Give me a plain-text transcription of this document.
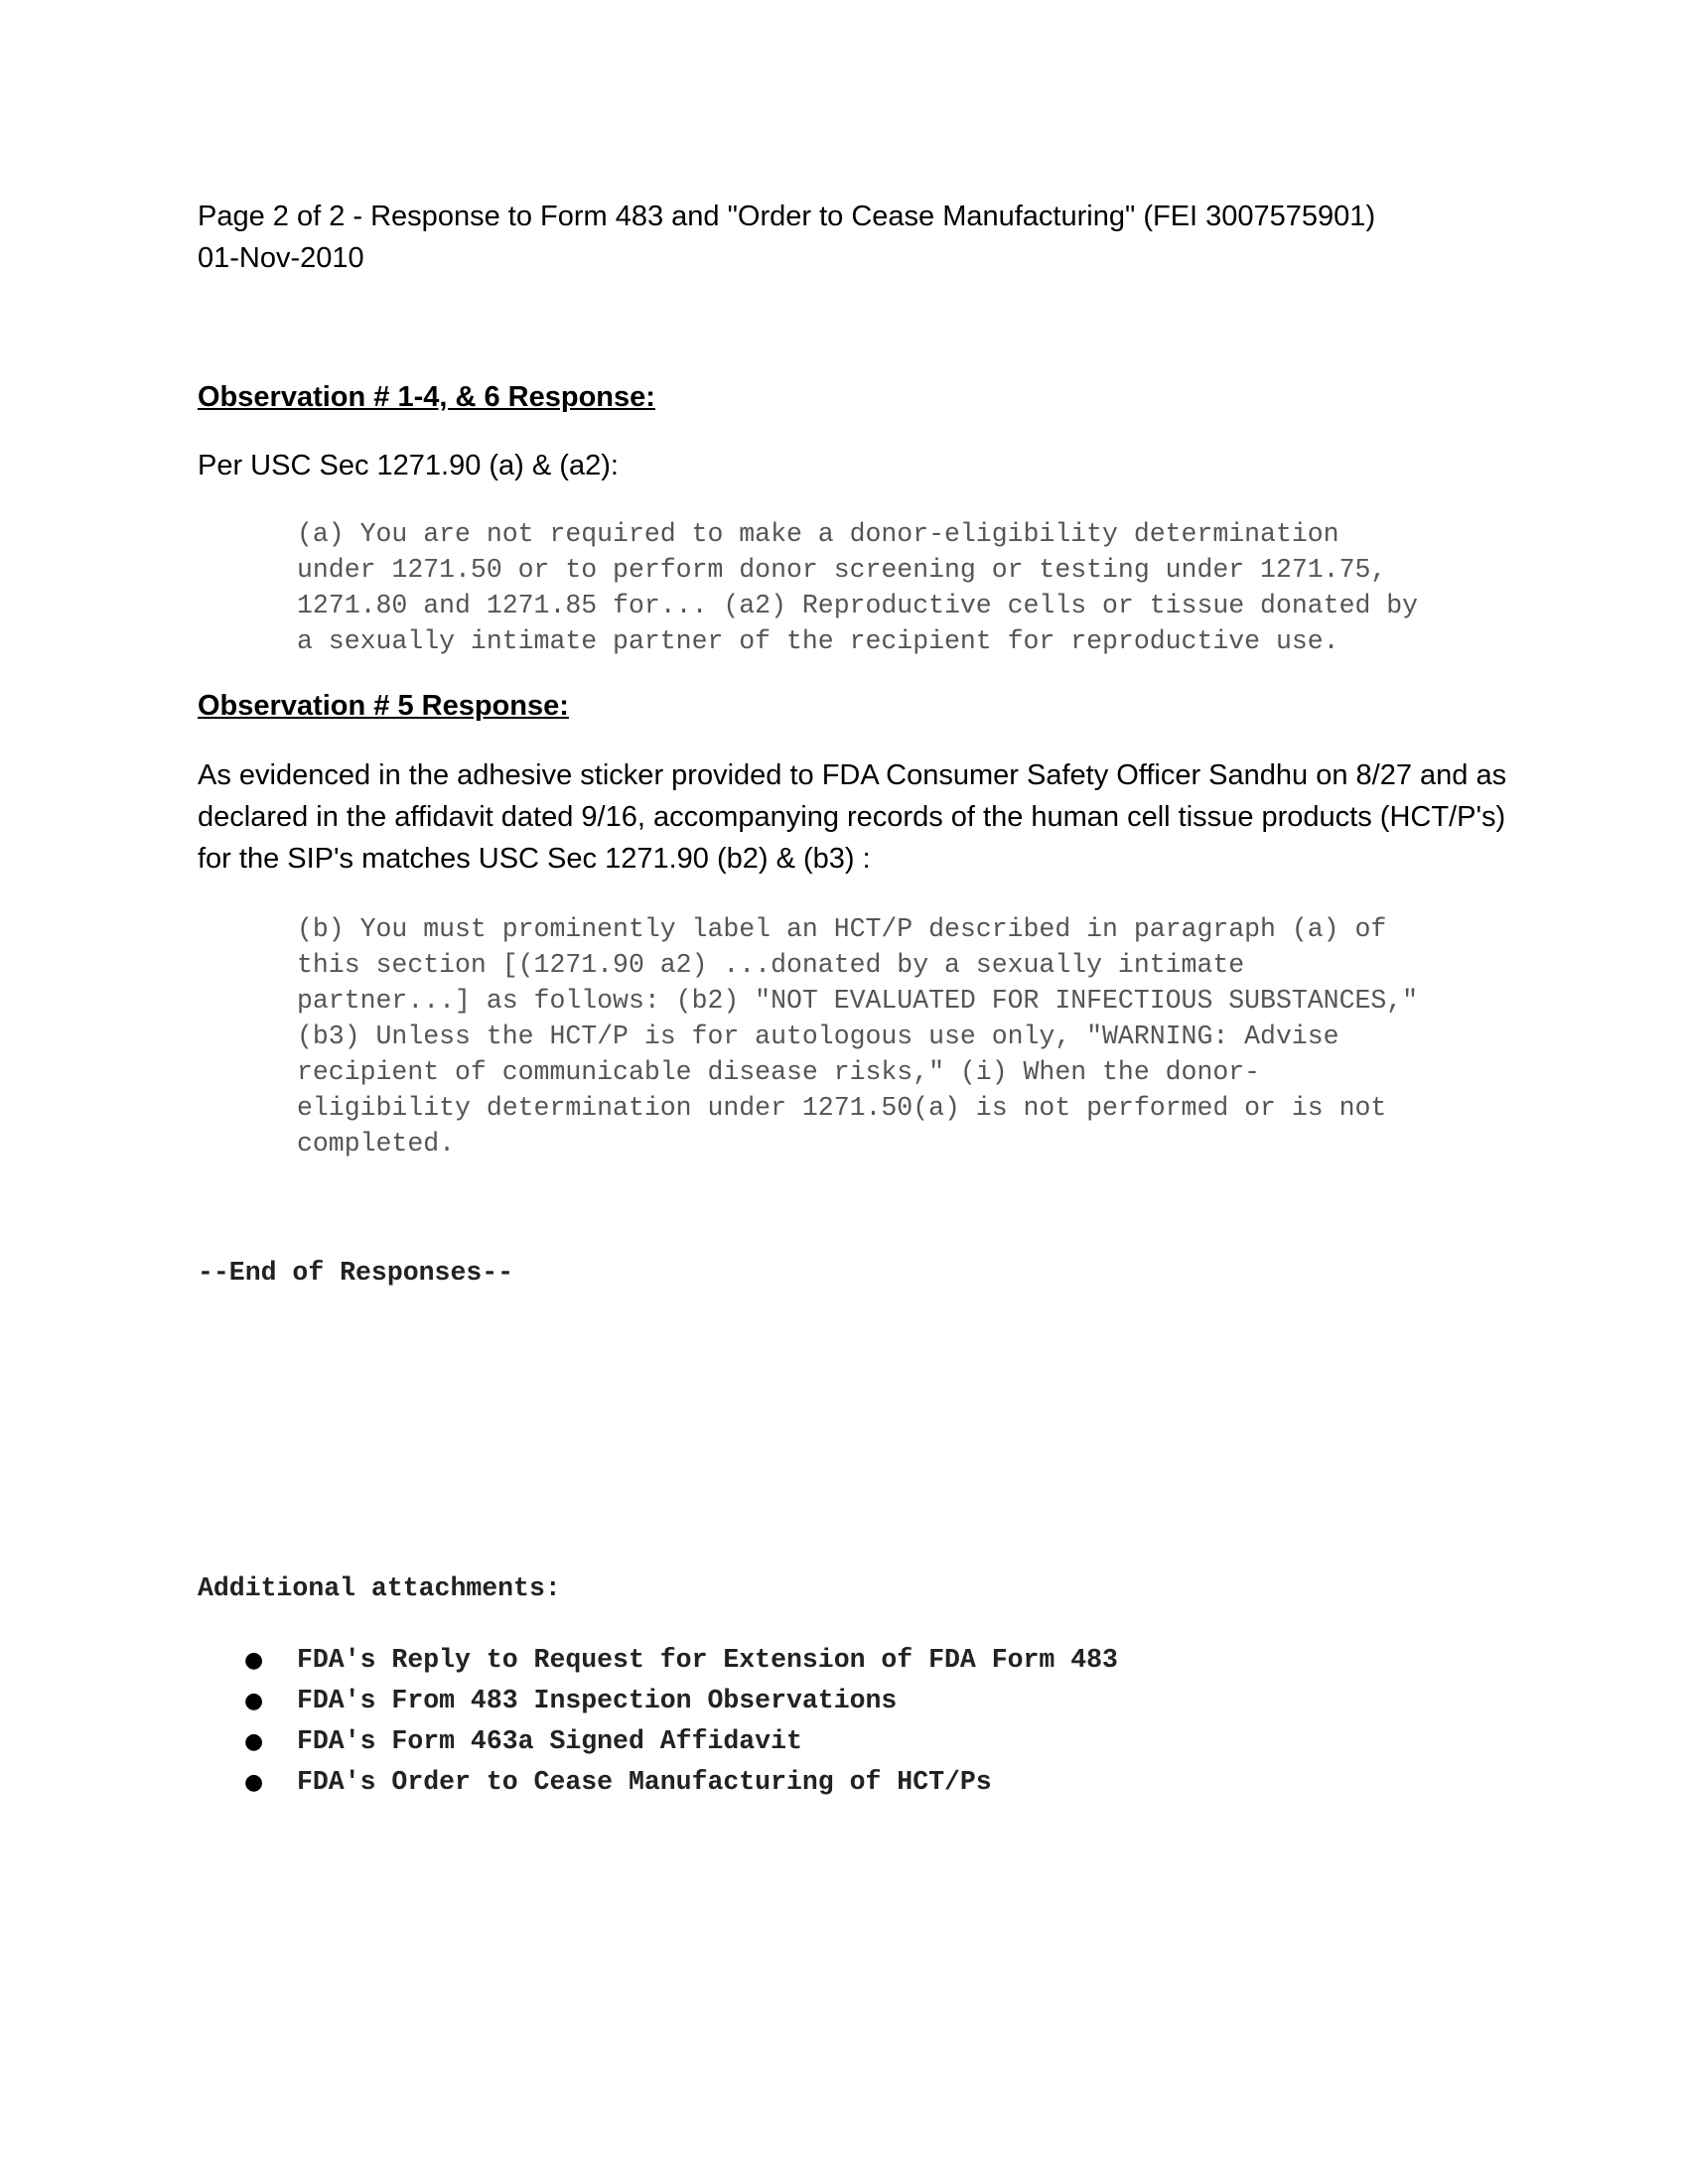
Page 2 of 2 - Response to Form 483 and "Order to Cease Manufacturing" (FEI 3007575901)
01-Nov-2010
Observation # 1-4, & 6 Response:
Per USC Sec 1271.90 (a) & (a2):
(a) You are not required to make a donor-eligibility determination
under 1271.50 or to perform donor screening or testing under 1271.75,
1271.80 and 1271.85 for... (a2) Reproductive cells or tissue donated by
a sexually intimate partner of the recipient for reproductive use.
Observation # 5 Response:
As evidenced in the adhesive sticker provided to FDA Consumer Safety Officer Sandhu on 8/27 and as
declared in the affidavit dated 9/16, accompanying records of the human cell tissue products (HCT/P's)
for the SIP's matches USC Sec 1271.90 (b2) & (b3) :
(b) You must prominently label an HCT/P described in paragraph (a) of
this section [(1271.90 a2) ...donated by a sexually intimate
partner...] as follows: (b2) "NOT EVALUATED FOR INFECTIOUS SUBSTANCES,"
(b3) Unless the HCT/P is for autologous use only, "WARNING: Advise
recipient of communicable disease risks," (i) When the donor-
eligibility determination under 1271.50(a) is not performed or is not
completed.
--End of Responses--
Additional attachments:
● FDA's Reply to Request for Extension of FDA Form 483
● FDA's From 483 Inspection Observations
● FDA's Form 463a Signed Affidavit
● FDA's Order to Cease Manufacturing of HCT/Ps
